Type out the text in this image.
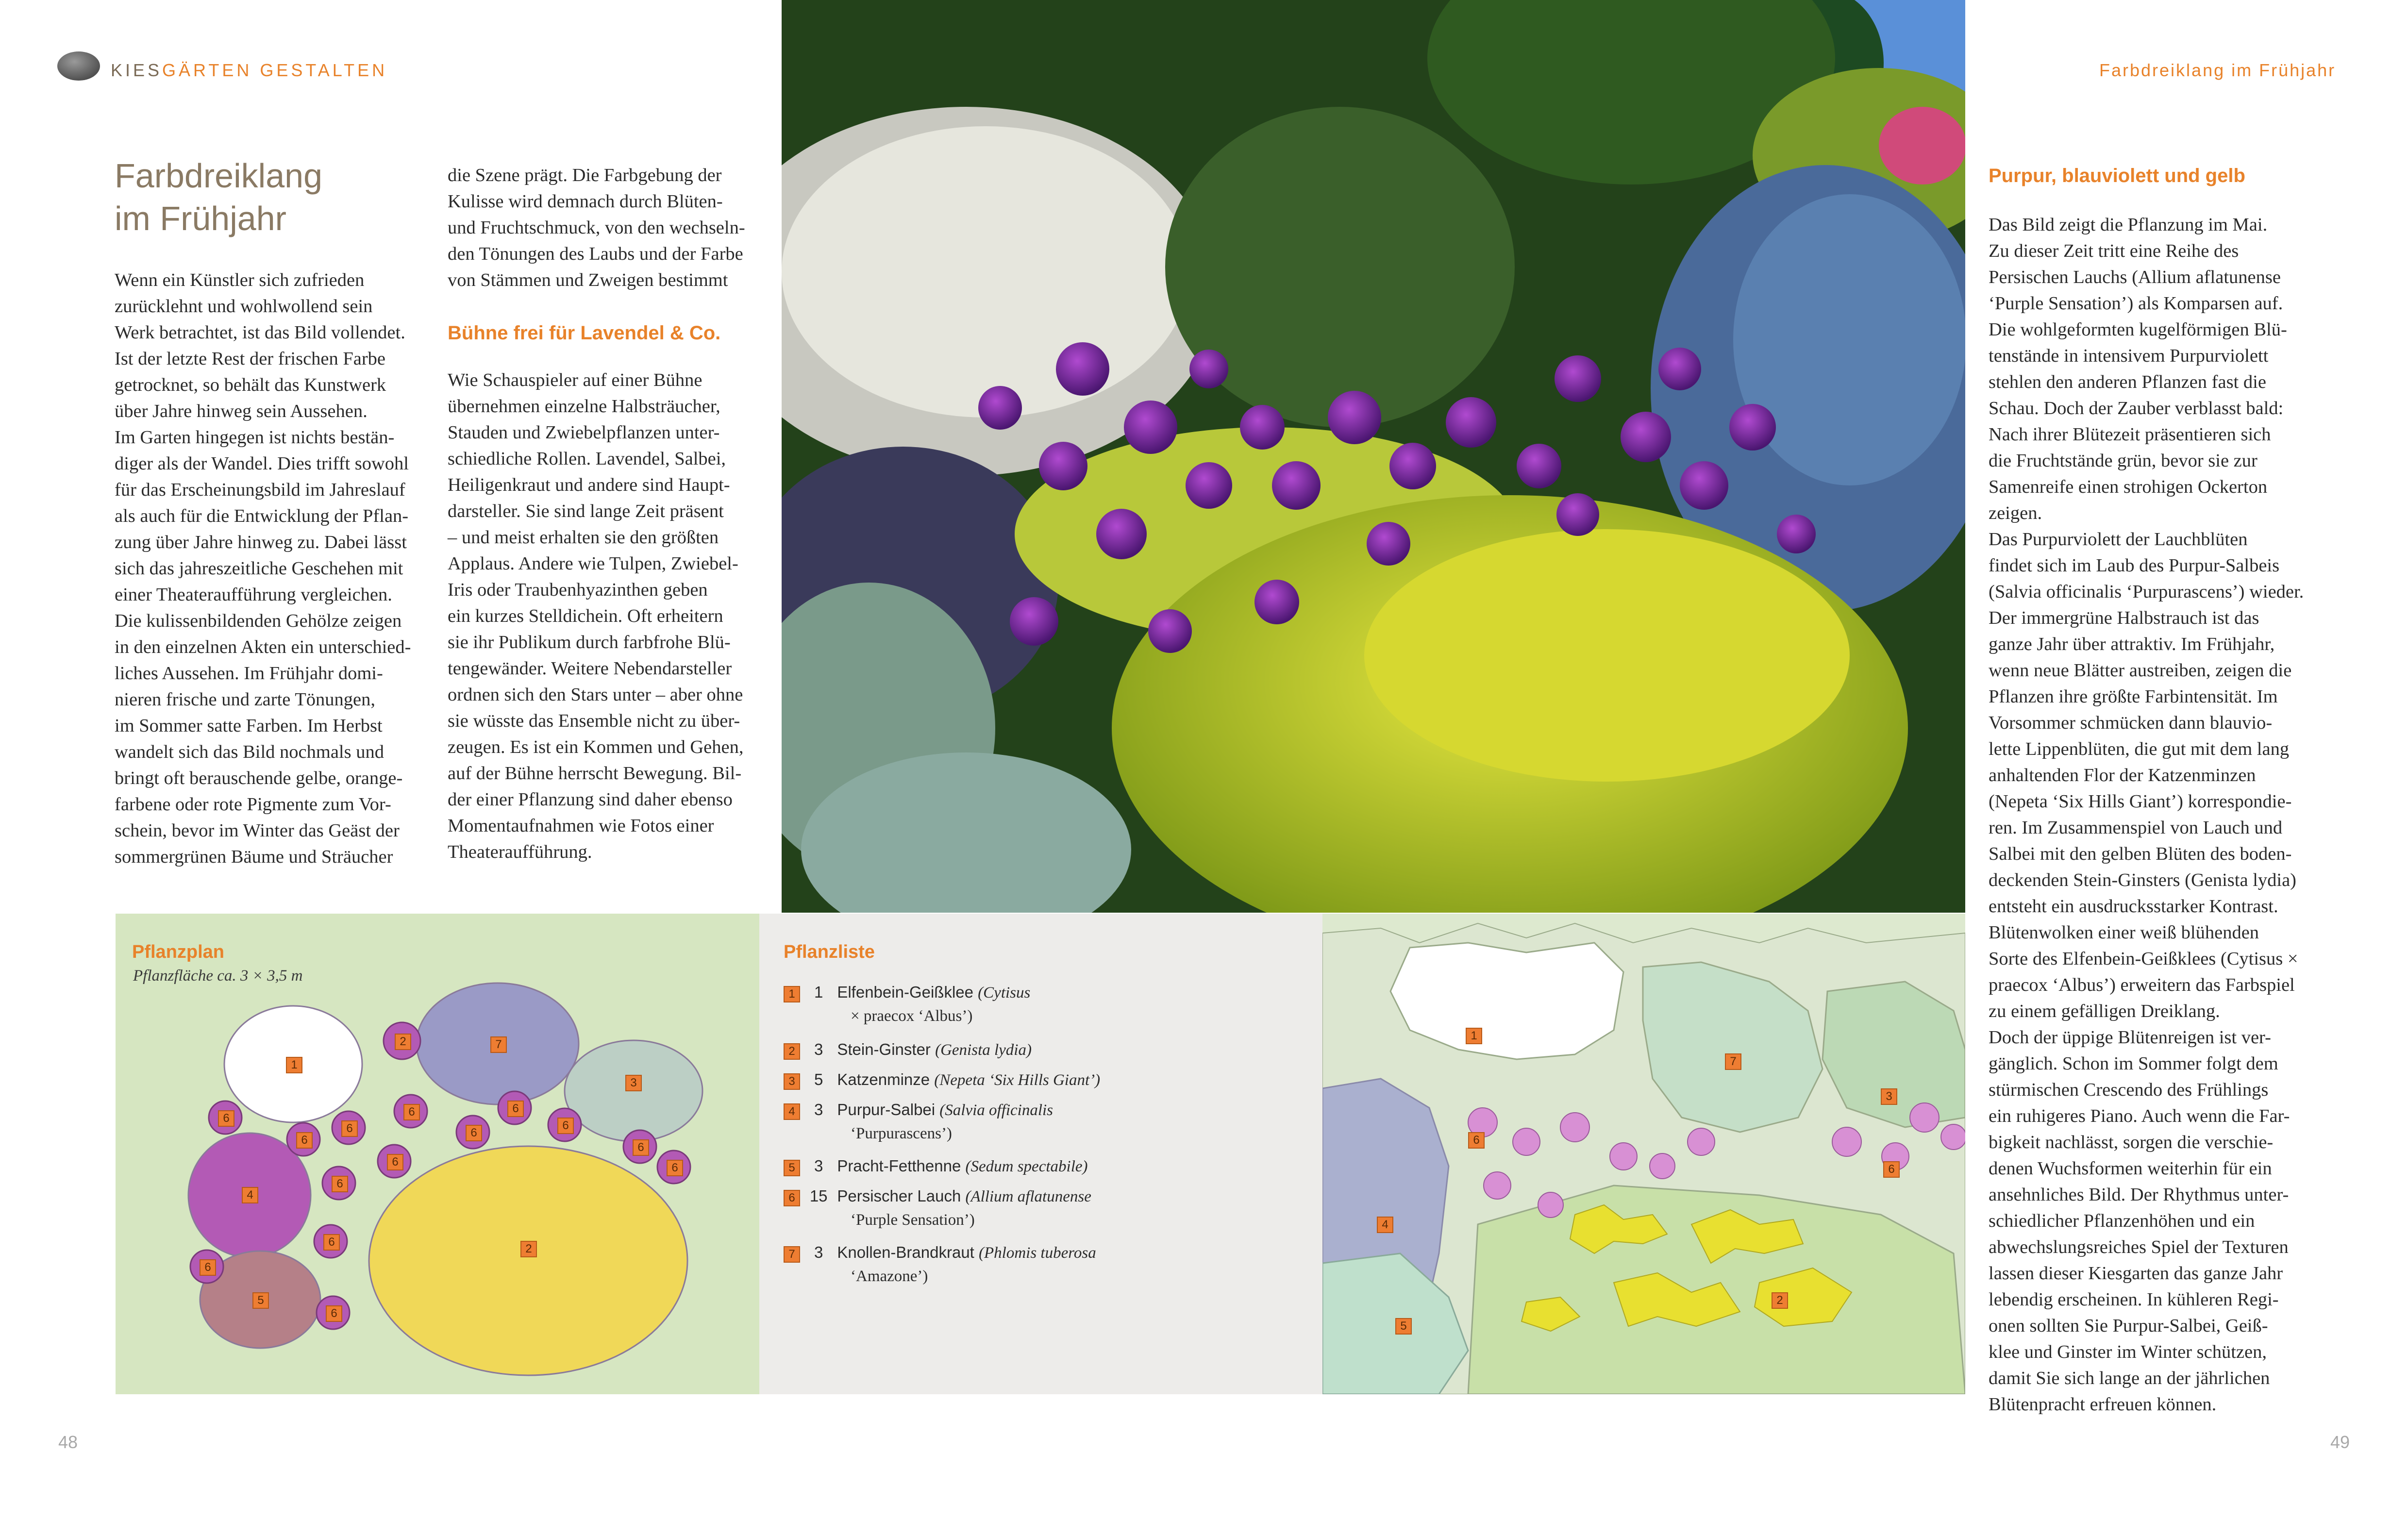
KIESGÄRTEN GESTALTEN
Farbdreiklang
im Frühjahr
Wenn ein Künstler sich zufrieden
zurücklehnt und wohlwollend sein
Werk betrachtet, ist das Bild vollendet.
Ist der letzte Rest der frischen Farbe
getrocknet, so behält das Kunstwerk
über Jahre hinweg sein Aussehen.
Im Garten hingegen ist nichts bestän-
diger als der Wandel. Dies trifft sowohl
für das Erscheinungsbild im Jahreslauf
als auch für die Entwicklung der Pflan-
zung über Jahre hinweg zu. Dabei lässt
sich das jahreszeitliche Geschehen mit
einer Theateraufführung vergleichen.
Die kulissenbildenden Gehölze zeigen
in den einzelnen Akten ein unterschied-
liches Aussehen. Im Frühjahr domi-
nieren frische und zarte Tönungen,
im Sommer satte Farben. Im Herbst
wandelt sich das Bild nochmals und
bringt oft berauschende gelbe, orange-
farbene oder rote Pigmente zum Vor-
schein, bevor im Winter das Geäst der
sommergrünen Bäume und Sträucher
die Szene prägt. Die Farbgebung der
Kulisse wird demnach durch Blüten-
und Fruchtschmuck, von den wechseln-
den Tönungen des Laubs und der Farbe
von Stämmen und Zweigen bestimmt
Bühne frei für Lavendel & Co.
Wie Schauspieler auf einer Bühne
übernehmen einzelne Halbsträucher,
Stauden und Zwiebelpflanzen unter-
schiedliche Rollen. Lavendel, Salbei,
Heiligenkraut und andere sind Haupt-
darsteller. Sie sind lange Zeit präsent
– und meist erhalten sie den größten
Applaus. Andere wie Tulpen, Zwiebel-
Iris oder Traubenhyazinthen geben
ein kurzes Stelldichein. Oft erheitern
sie ihr Publikum durch farbfrohe Blü-
tengewänder. Weitere Nebendarsteller
ordnen sich den Stars unter – aber ohne
sie wüsste das Ensemble nicht zu über-
zeugen. Es ist ein Kommen und Gehen,
auf der Bühne herrscht Bewegung. Bil-
der einer Pflanzung sind daher ebenso
Momentaufnahmen wie Fotos einer
Theateraufführung.
Pflanzplan
Pflanzfläche ca. 3 × 3,5 m
1
2	7
3
4
2
5
6
6
6
6
6
6
6
6
6
6
6
6
6
6
Pflanzliste
1 1 Elfenbein-Geißklee (Cytisus
× praecox ‘Albus’)
2 3 Stein-Ginster (Genista lydia)
3 5 Katzenminze (Nepeta ‘Six Hills Giant’)
4 3 Purpur-Salbei (Salvia officinalis
‘Purpurascens’)
5 3 Pracht-Fetthenne (Sedum spectabile)
6 15 Persischer Lauch (Allium aflatunense
‘Purple Sensation’)
7 3 Knollen-Brandkraut (Phlomis tuberosa
‘Amazone’)
1
7
3
6
6
4
2
5
Farbdreiklang im Frühjahr
Purpur, blauviolett und gelb
Das Bild zeigt die Pflanzung im Mai.
Zu dieser Zeit tritt eine Reihe des
Persischen Lauchs (Allium aflatunense
‘Purple Sensation’) als Komparsen auf.
Die wohlgeformten kugelförmigen Blü-
tenstände in intensivem Purpurviolett
stehlen den anderen Pflanzen fast die
Schau. Doch der Zauber verblasst bald:
Nach ihrer Blütezeit präsentieren sich
die Fruchtstände grün, bevor sie zur
Samenreife einen strohigen Ockerton
zeigen.
Das Purpurviolett der Lauchblüten
findet sich im Laub des Purpur-Salbeis
(Salvia officinalis ‘Purpurascens’) wieder.
Der immergrüne Halbstrauch ist das
ganze Jahr über attraktiv. Im Frühjahr,
wenn neue Blätter austreiben, zeigen die
Pflanzen ihre größte Farbintensität. Im
Vorsommer schmücken dann blauvio-
lette Lippenblüten, die gut mit dem lang
anhaltenden Flor der Katzenminzen
(Nepeta ‘Six Hills Giant’) korrespondie-
ren. Im Zusammenspiel von Lauch und
Salbei mit den gelben Blüten des boden-
deckenden Stein-Ginsters (Genista lydia)
entsteht ein ausdrucksstarker Kontrast.
Blütenwolken einer weiß blühenden
Sorte des Elfenbein-Geißklees (Cytisus ×
praecox ‘Albus’) erweitern das Farbspiel
zu einem gefälligen Dreiklang.
Doch der üppige Blütenreigen ist ver-
gänglich. Schon im Sommer folgt dem
stürmischen Crescendo des Frühlings
ein ruhigeres Piano. Auch wenn die Far-
bigkeit nachlässt, sorgen die verschie-
denen Wuchsformen weiterhin für ein
ansehnliches Bild. Der Rhythmus unter-
schiedlicher Pflanzenhöhen und ein
abwechslungsreiches Spiel der Texturen
lassen dieser Kiesgarten das ganze Jahr
lebendig erscheinen. In kühleren Regi-
onen sollten Sie Purpur-Salbei, Geiß-
klee und Ginster im Winter schützen,
damit Sie sich lange an der jährlichen
Blütenpracht erfreuen können.
48	49
